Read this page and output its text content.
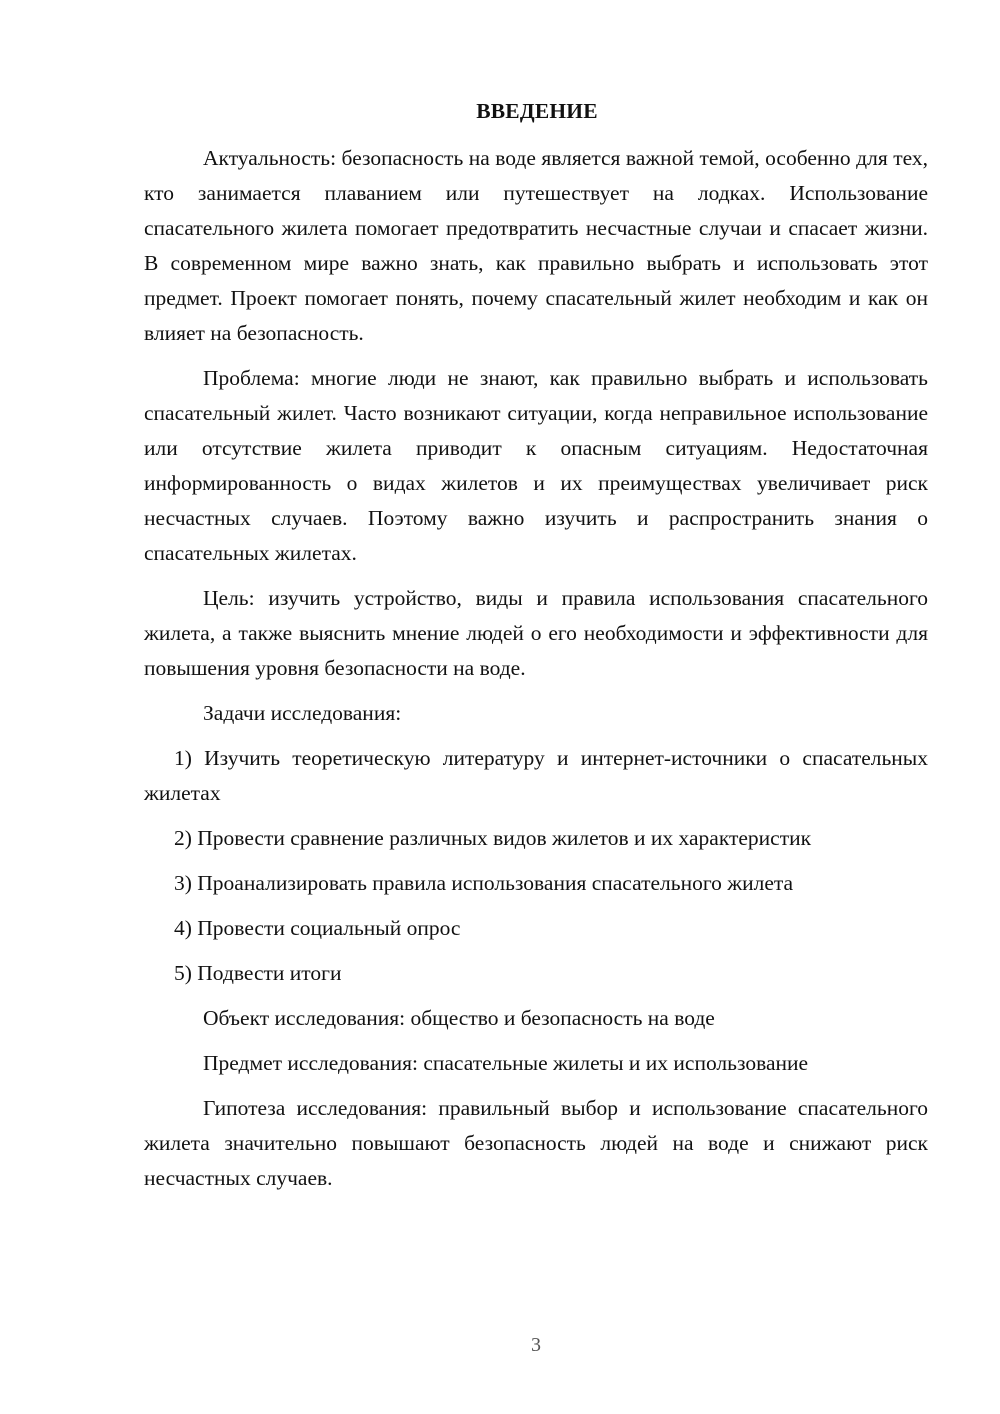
ВВЕДЕНИЕ

Актуальность: безопасность на воде является важной темой, особенно для тех, кто занимается плаванием или путешествует на лодках. Использование спасательного жилета помогает предотвратить несчастные случаи и спасает жизни. В современном мире важно знать, как правильно выбрать и использовать этот предмет. Проект помогает понять, почему спасательный жилет необходим и как он влияет на безопасность.

Проблема: многие люди не знают, как правильно выбрать и использовать спасательный жилет. Часто возникают ситуации, когда неправильное использование или отсутствие жилета приводит к опасным ситуациям. Недостаточная информированность о видах жилетов и их преимуществах увеличивает риск несчастных случаев. Поэтому важно изучить и распространить знания о спасательных жилетах.

Цель: изучить устройство, виды и правила использования спасательного жилета, а также выяснить мнение людей о его необходимости и эффективности для повышения уровня безопасности на воде.

Задачи исследования:

1) Изучить теоретическую литературу и интернет-источники о спасательных жилетах

2) Провести сравнение различных видов жилетов и их характеристик

3) Проанализировать правила использования спасательного жилета

4) Провести социальный опрос

5) Подвести итоги

Объект исследования: общество и безопасность на воде

Предмет исследования: спасательные жилеты и их использование

Гипотеза исследования: правильный выбор и использование спасательного жилета значительно повышают безопасность людей на воде и снижают риск несчастных случаев.

3
